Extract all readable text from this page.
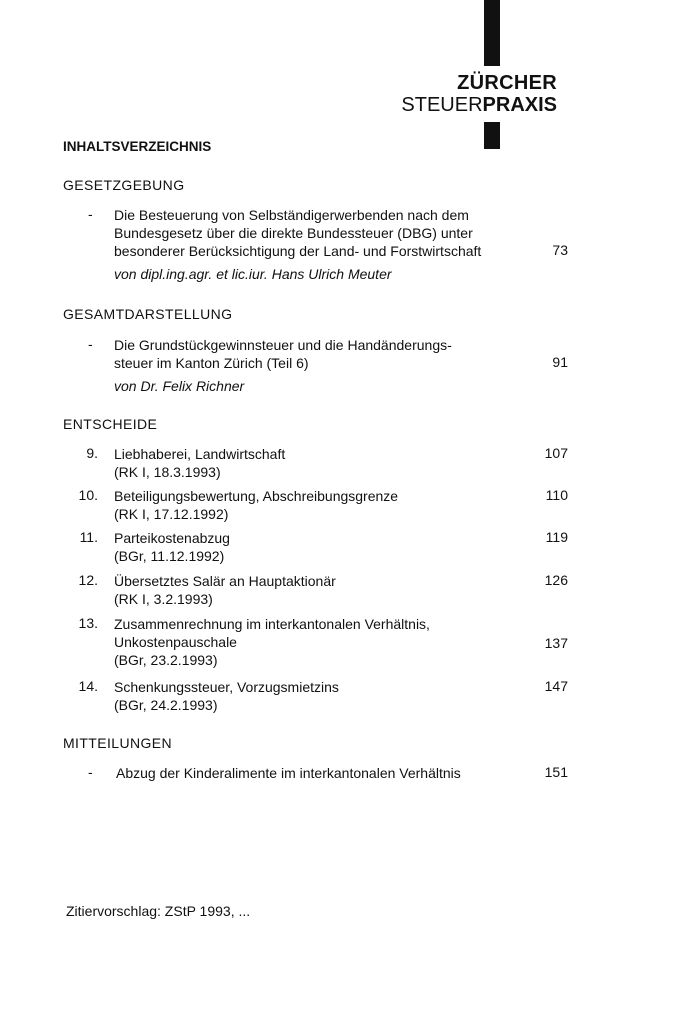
ZÜRCHER
STEUERPRAXIS
INHALTSVERZEICHNIS
GESETZGEBUNG
- Die Besteuerung von Selbständigerwerbenden nach dem
Bundesgesetz über die direkte Bundessteuer (DBG) unter
besonderer Berücksichtigung der Land- und Forstwirtschaft	73
von dipl.ing.agr. et lic.iur. Hans Ulrich Meuter
GESAMTDARSTELLUNG
- Die Grundstückgewinnsteuer und die Handänderungs-
steuer im Kanton Zürich (Teil 6)	91
von Dr. Felix Richner
ENTSCHEIDE
9. Liebhaberei, Landwirtschaft
(RK I, 18.3.1993)
107
10. Beteiligungsbewertung, Abschreibungsgrenze
(RK I, 17.12.1992)
110
11. Parteikostenabzug
(BGr, 11.12.1992)
119
12. Übersetztes Salär an Hauptaktionär
(RK I, 3.2.1993)
126
13. Zusammenrechnung im interkantonalen Verhältnis,
Unkostenpauschale
(BGr, 23.2.1993)
137
14. Schenkungssteuer, Vorzugsmietzins
(BGr, 24.2.1993)
147
MITTEILUNGEN
- Abzug der Kinderalimente im interkantonalen Verhältnis	151
Zitiervorschlag: ZStP 1993, ...
